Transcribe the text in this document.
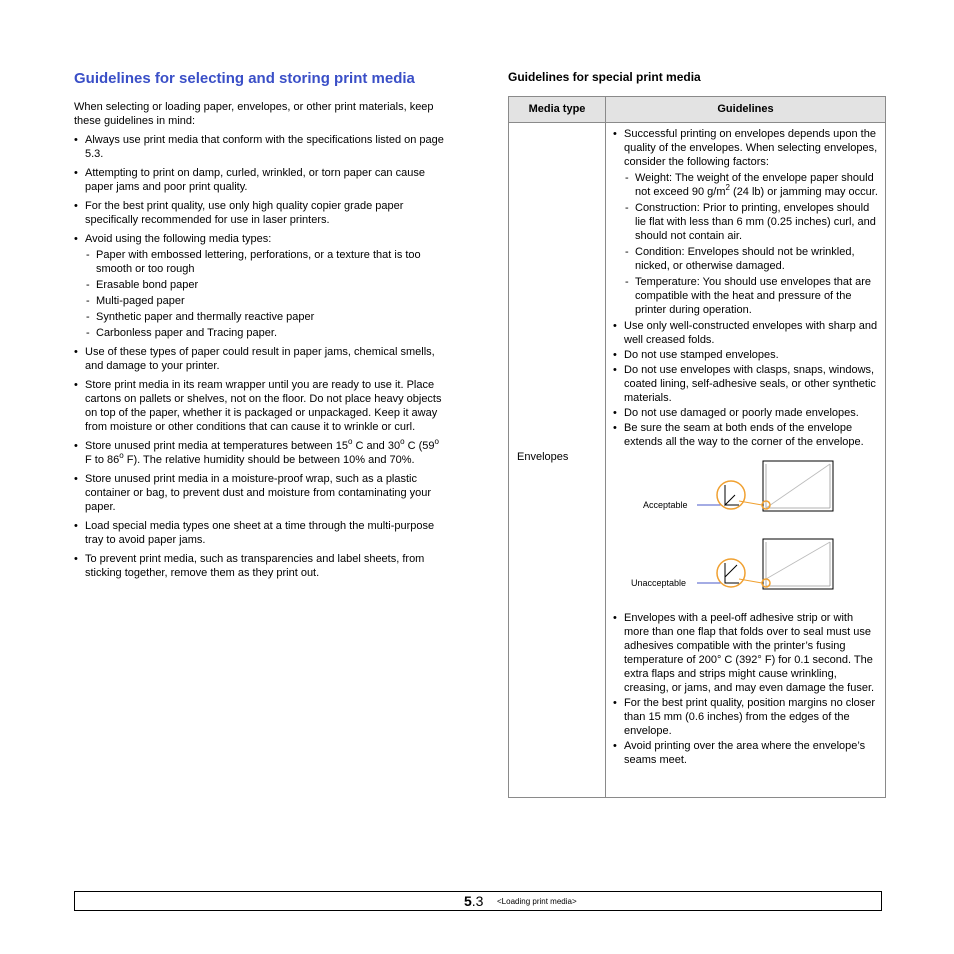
Guidelines for selecting and storing print media

When selecting or loading paper, envelopes, or other print materials, keep these guidelines in mind:

• Always use print media that conform with the specifications listed on page 5.3.
• Attempting to print on damp, curled, wrinkled, or torn paper can cause paper jams and poor print quality.
• For the best print quality, use only high quality copier grade paper specifically recommended for use in laser printers.
• Avoid using the following media types:
- Paper with embossed lettering, perforations, or a texture that is too smooth or too rough
- Erasable bond paper
- Multi-paged paper
- Synthetic paper and thermally reactive paper
- Carbonless paper and Tracing paper.
• Use of these types of paper could result in paper jams, chemical smells, and damage to your printer.
• Store print media in its ream wrapper until you are ready to use it. Place cartons on pallets or shelves, not on the floor. Do not place heavy objects on top of the paper, whether it is packaged or unpackaged. Keep it away from moisture or other conditions that can cause it to wrinkle or curl.
• Store unused print media at temperatures between 15$^o$ C and 30$^o$ C (59$^o$ F to 86$^o$ F). The relative humidity should be between 10% and 70%.
• Store unused print media in a moisture-proof wrap, such as a plastic container or bag, to prevent dust and moisture from contaminating your paper.
• Load special media types one sheet at a time through the multi-purpose tray to avoid paper jams.
• To prevent print media, such as transparencies and label sheets, from sticking together, remove them as they print out.
Guidelines for special print media
Media type	Guidelines
Envelopes
• Successful printing on envelopes depends upon the quality of the envelopes. When selecting envelopes, consider the following factors:
- Weight: The weight of the envelope paper should not exceed 90 $g/m^2$ (24 lb) or jamming may occur.
- Construction: Prior to printing, envelopes should lie flat with less than 6 mm (0.25 inches) curl, and should not contain air.
- Condition: Envelopes should not be wrinkled, nicked, or otherwise damaged.
- Temperature: You should use envelopes that are compatible with the heat and pressure of the printer during operation.
• Use only well-constructed envelopes with sharp and well creased folds.
• Do not use stamped envelopes.
• Do not use envelopes with clasps, snaps, windows, coated lining, self-adhesive seals, or other synthetic materials.
• Do not use damaged or poorly made envelopes.
• Be sure the seam at both ends of the envelope extends all the way to the corner of the envelope.
Acceptable
Unacceptable
• Envelopes with a peel-off adhesive strip or with more than one flap that folds over to seal must use adhesives compatible with the printer’s fusing temperature of 200° C (392° F) for 0.1 second. The extra flaps and strips might cause wrinkling, creasing, or jams, and may even damage the fuser.
• For the best print quality, position margins no closer than 15 mm (0.6 inches) from the edges of the envelope.
• Avoid printing over the area where the envelope’s seams meet.
5.3 <Loading print media>
